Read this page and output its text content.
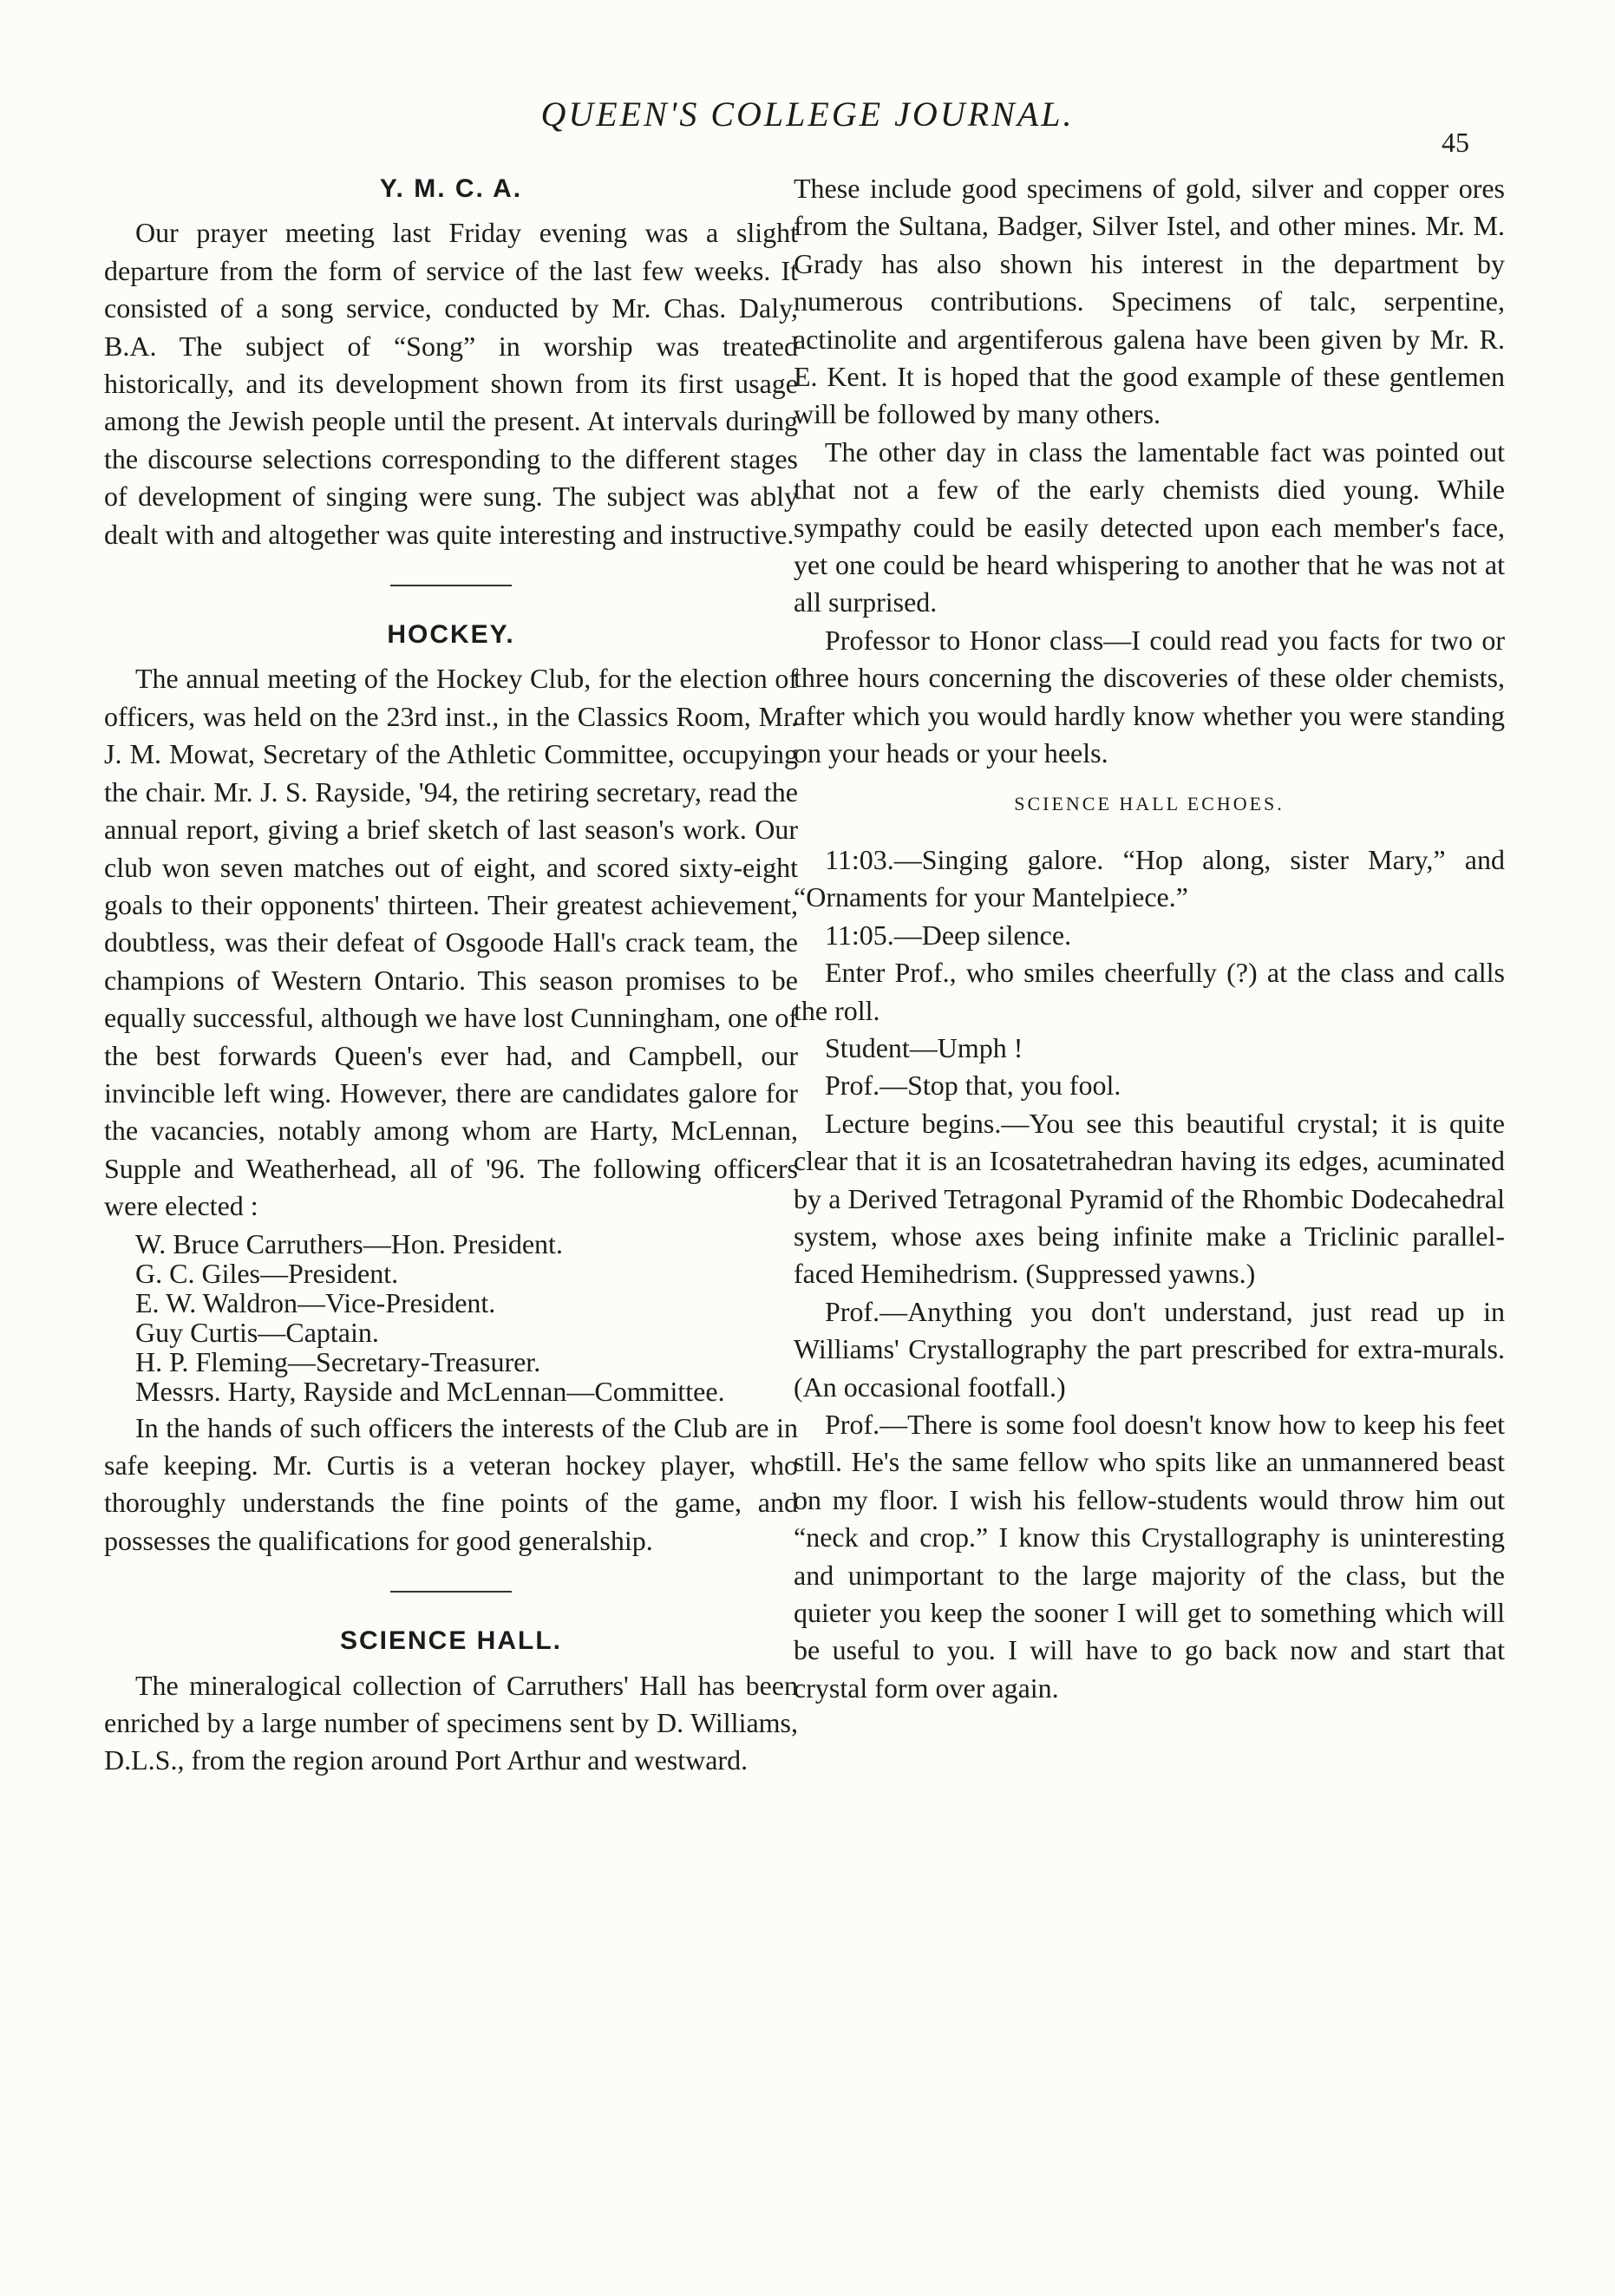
QUEEN'S COLLEGE JOURNAL.
45
Y. M. C. A.

Our prayer meeting last Friday evening was a slight departure from the form of service of the last few weeks. It consisted of a song service, conducted by Mr. Chas. Daly, B.A. The subject of “Song” in worship was treated historically, and its development shown from its first usage among the Jewish people until the present. At intervals during the discourse selections corresponding to the different stages of development of singing were sung. The subject was ably dealt with and altogether was quite interesting and instructive.

HOCKEY.

The annual meeting of the Hockey Club, for the election of officers, was held on the 23rd inst., in the Classics Room, Mr. J. M. Mowat, Secretary of the Athletic Committee, occupying the chair. Mr. J. S. Rayside, '94, the retiring secretary, read the annual report, giving a brief sketch of last season's work. Our club won seven matches out of eight, and scored sixty-eight goals to their opponents' thirteen. Their greatest achievement, doubtless, was their defeat of Osgoode Hall's crack team, the champions of Western Ontario. This season promises to be equally successful, although we have lost Cunningham, one of the best forwards Queen's ever had, and Campbell, our invincible left wing. However, there are candidates galore for the vacancies, notably among whom are Harty, McLennan, Supple and Weatherhead, all of '96. The following officers were elected :

W. Bruce Carruthers—Hon. President.
G. C. Giles—President.
E. W. Waldron—Vice-President.
Guy Curtis—Captain.
H. P. Fleming—Secretary-Treasurer.
Messrs. Harty, Rayside and McLennan—Committee.

In the hands of such officers the interests of the Club are in safe keeping. Mr. Curtis is a veteran hockey player, who thoroughly understands the fine points of the game, and possesses the qualifications for good generalship.

SCIENCE HALL.

The mineralogical collection of Carruthers' Hall has been enriched by a large number of specimens sent by D. Williams, D.L.S., from the region around Port Arthur and westward.

These include good specimens of gold, silver and copper ores from the Sultana, Badger, Silver Istel, and other mines. Mr. M. Grady has also shown his interest in the department by numerous contributions. Specimens of talc, serpentine, actinolite and argentiferous galena have been given by Mr. R. E. Kent. It is hoped that the good example of these gentlemen will be followed by many others.

The other day in class the lamentable fact was pointed out that not a few of the early chemists died young. While sympathy could be easily detected upon each member's face, yet one could be heard whispering to another that he was not at all surprised.

Professor to Honor class—I could read you facts for two or three hours concerning the discoveries of these older chemists, after which you would hardly know whether you were standing on your heads or your heels.

SCIENCE HALL ECHOES.

11:03.—Singing galore. “Hop along, sister Mary,” and “Ornaments for your Mantelpiece.”

11:05.—Deep silence.

Enter Prof., who smiles cheerfully (?) at the class and calls the roll.

Student—Umph !

Prof.—Stop that, you fool.

Lecture begins.—You see this beautiful crystal; it is quite clear that it is an Icosatetrahedran having its edges, acuminated by a Derived Tetragonal Pyramid of the Rhombic Dodecahedral system, whose axes being infinite make a Triclinic parallel-faced Hemihedrism. (Suppressed yawns.)

Prof.—Anything you don't understand, just read up in Williams' Crystallography the part prescribed for extra-murals. (An occasional footfall.)

Prof.—There is some fool doesn't know how to keep his feet still. He's the same fellow who spits like an unmannered beast on my floor. I wish his fellow-students would throw him out “neck and crop.” I know this Crystallography is uninteresting and unimportant to the large majority of the class, but the quieter you keep the sooner I will get to something which will be useful to you. I will have to go back now and start that crystal form over again.
